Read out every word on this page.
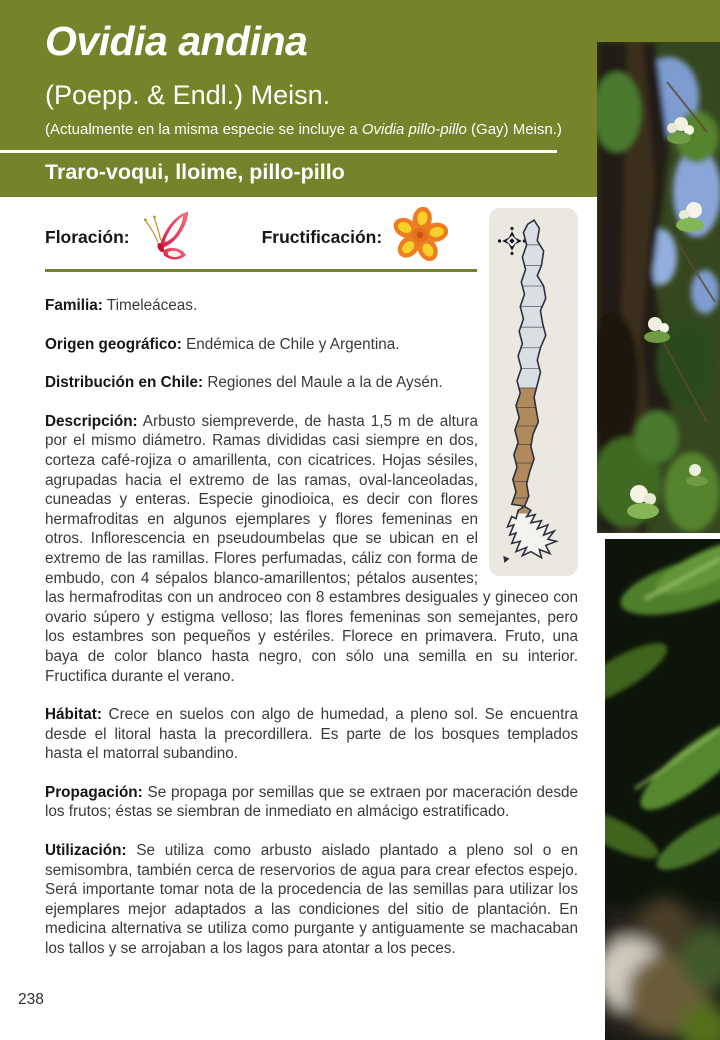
Ovidia andina
(Poepp. & Endl.) Meisn.
(Actualmente en la misma especie se incluye a Ovidia pillo-pillo (Gay) Meisn.)
Traro-voqui, lloime, pillo-pillo
Floración:	Fructificación:

Familia: Timeleáceas.

Origen geográfico: Endémica de Chile y Argentina.

Distribución en Chile: Regiones del Maule a la de Aysén.

Descripción: Arbusto siempreverde, de hasta 1,5 m de altura por el mismo diámetro. Ramas divididas casi siempre en dos, corteza café-rojiza o amarillenta, con cicatrices. Hojas sésiles, agrupadas hacia el extremo de las ramas, oval-lanceoladas, cuneadas y enteras. Especie ginodioica, es decir con flores hermafroditas en algunos ejemplares y flores femeninas en otros. Inflorescencia en pseudoumbelas que se ubican en el extremo de las ramillas. Flores perfumadas, cáliz con forma de embudo, con 4 sépalos blanco-amarillentos; pétalos ausentes; las hermafroditas con un androceo con 8 estambres desiguales y gineceo con ovario súpero y estigma velloso; las flores femeninas son semejantes, pero los estambres son pequeños y estériles. Florece en primavera. Fruto, una baya de color blanco hasta negro, con sólo una semilla en su interior. Fructifica durante el verano.

Hábitat: Crece en suelos con algo de humedad, a pleno sol. Se encuentra desde el litoral hasta la precordillera. Es parte de los bosques templados hasta el matorral subandino.

Propagación: Se propaga por semillas que se extraen por maceración desde los frutos; éstas se siembran de inmediato en almácigo estratificado.

Utilización: Se utiliza como arbusto aislado plantado a pleno sol o en semisombra, también cerca de reservorios de agua para crear efectos espejo. Será importante tomar nota de la procedencia de las semillas para utilizar los ejemplares mejor adaptados a las condiciones del sitio de plantación. En medicina alternativa se utiliza como purgante y antiguamente se machacaban los tallos y se arrojaban a los lagos para atontar a los peces.

238
